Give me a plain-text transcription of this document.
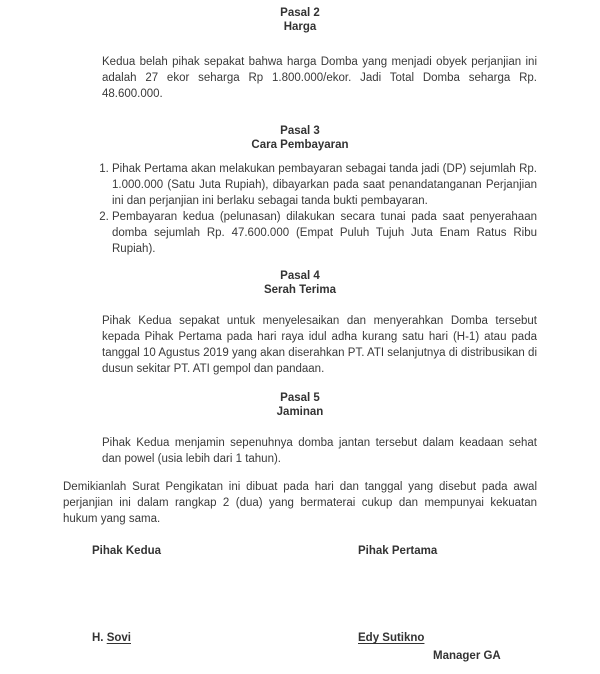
Pasal 2
Harga

Kedua belah pihak sepakat bahwa harga Domba yang menjadi obyek perjanjian ini adalah 27 ekor seharga Rp 1.800.000/ekor. Jadi Total Domba seharga Rp. 48.600.000.

Pasal 3
Cara Pembayaran
1. Pihak Pertama akan melakukan pembayaran sebagai tanda jadi (DP) sejumlah Rp. 1.000.000 (Satu Juta Rupiah), dibayarkan pada saat penandatanganan Perjanjian ini dan perjanjian ini berlaku sebagai tanda bukti pembayaran.
2. Pembayaran kedua (pelunasan) dilakukan secara tunai pada saat penyerahaan domba sejumlah Rp. 47.600.000 (Empat Puluh Tujuh Juta Enam Ratus Ribu Rupiah).
Pasal 4
Serah Terima

Pihak Kedua sepakat untuk menyelesaikan dan menyerahkan Domba tersebut kepada Pihak Pertama pada hari raya idul adha kurang satu hari (H-1) atau pada tanggal 10 Agustus 2019 yang akan diserahkan PT. ATI selanjutnya di distribusikan di dusun sekitar PT. ATI gempol dan pandaan.

Pasal 5
Jaminan

Pihak Kedua menjamin sepenuhnya domba jantan tersebut dalam keadaan sehat dan powel (usia lebih dari 1 tahun).

Demikianlah Surat Pengikatan ini dibuat pada hari dan tanggal yang disebut pada awal perjanjian ini dalam rangkap 2 (dua) yang bermaterai cukup dan mempunyai kekuatan hukum yang sama.

Pihak Kedua
H. Sovi
Pihak Pertama
Edy Sutikno
Manager GA
